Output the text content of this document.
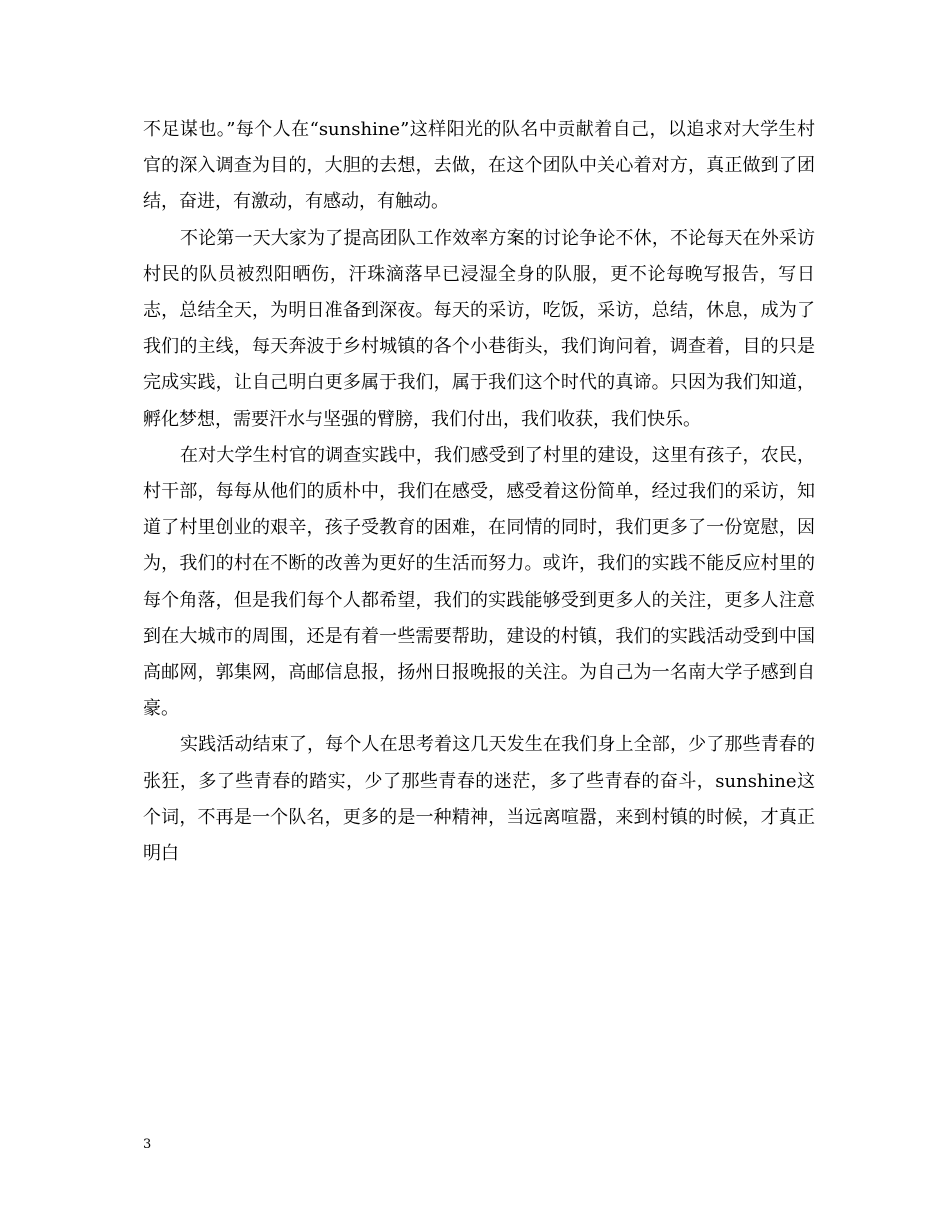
不足谋也。”每个人在“sunshine”这样阳光的队名中贡献着自己，以追求对大学生村官的深入调查为目的，大胆的去想，去做，在这个团队中关心着对方，真正做到了团结，奋进，有激动，有感动，有触动。

不论第一天大家为了提高团队工作效率方案的讨论争论不休，不论每天在外采访村民的队员被烈阳晒伤，汗珠滴落早已浸湿全身的队服，更不论每晚写报告，写日志，总结全天，为明日准备到深夜。每天的采访，吃饭，采访，总结，休息，成为了我们的主线，每天奔波于乡村城镇的各个小巷街头，我们询问着，调查着，目的只是完成实践，让自己明白更多属于我们，属于我们这个时代的真谛。只因为我们知道，孵化梦想，需要汗水与坚强的臂膀，我们付出，我们收获，我们快乐。

在对大学生村官的调查实践中，我们感受到了村里的建设，这里有孩子，农民，村干部，每每从他们的质朴中，我们在感受，感受着这份简单，经过我们的采访，知道了村里创业的艰辛，孩子受教育的困难，在同情的同时，我们更多了一份宽慰，因为，我们的村在不断的改善为更好的生活而努力。或许，我们的实践不能反应村里的每个角落，但是我们每个人都希望，我们的实践能够受到更多人的关注，更多人注意到在大城市的周围，还是有着一些需要帮助，建设的村镇，我们的实践活动受到中国高邮网，郭集网，高邮信息报，扬州日报晚报的关注。为自己为一名南大学子感到自豪。

实践活动结束了，每个人在思考着这几天发生在我们身上全部，少了那些青春的张狂，多了些青春的踏实，少了那些青春的迷茫，多了些青春的奋斗，sunshine这个词，不再是一个队名，更多的是一种精神，当远离喧嚣，来到村镇的时候，才真正明白

3
